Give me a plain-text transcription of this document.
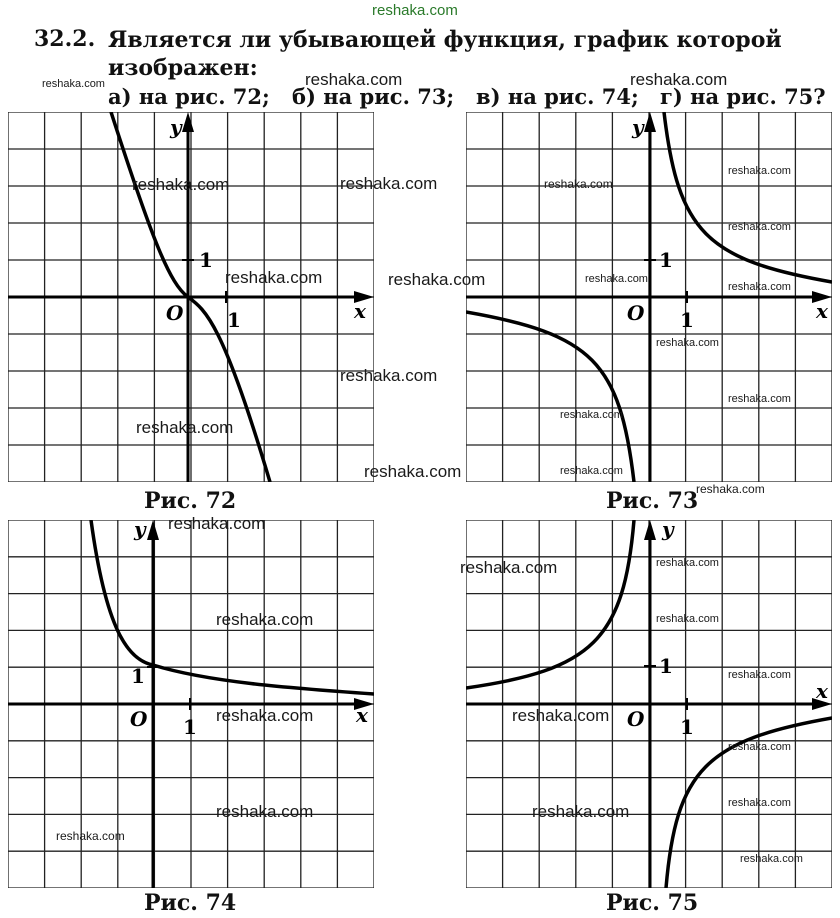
reshaka.com
32.2. Является ли убывающей функция, график которой изображен:
а) на рис. 72; б) на рис. 73; в) на рис. 74; г) на рис. 75?
y
x
O
1
1
Рис. 72
y
x
O
1
1
Рис. 73
y
x
O
1
1
Рис. 74
y
x
O
1
1
Рис. 75
reshaka.com	reshaka.com	reshaka.com
reshaka.com	reshaka.com
reshaka.com	reshaka.com
reshaka.com
reshaka.com
reshaka.com
reshaka.com
reshaka.com
reshaka.com
reshaka.com
reshaka.com
reshaka.com
reshaka.com
reshaka.com
reshaka.com
reshaka.com
reshaka.com
reshaka.com	reshaka.com
reshaka.com
reshaka.com
reshaka.com
reshaka.com	reshaka.com
reshaka.com
reshaka.com
reshaka.com	reshaka.com
reshaka.com
reshaka.com
